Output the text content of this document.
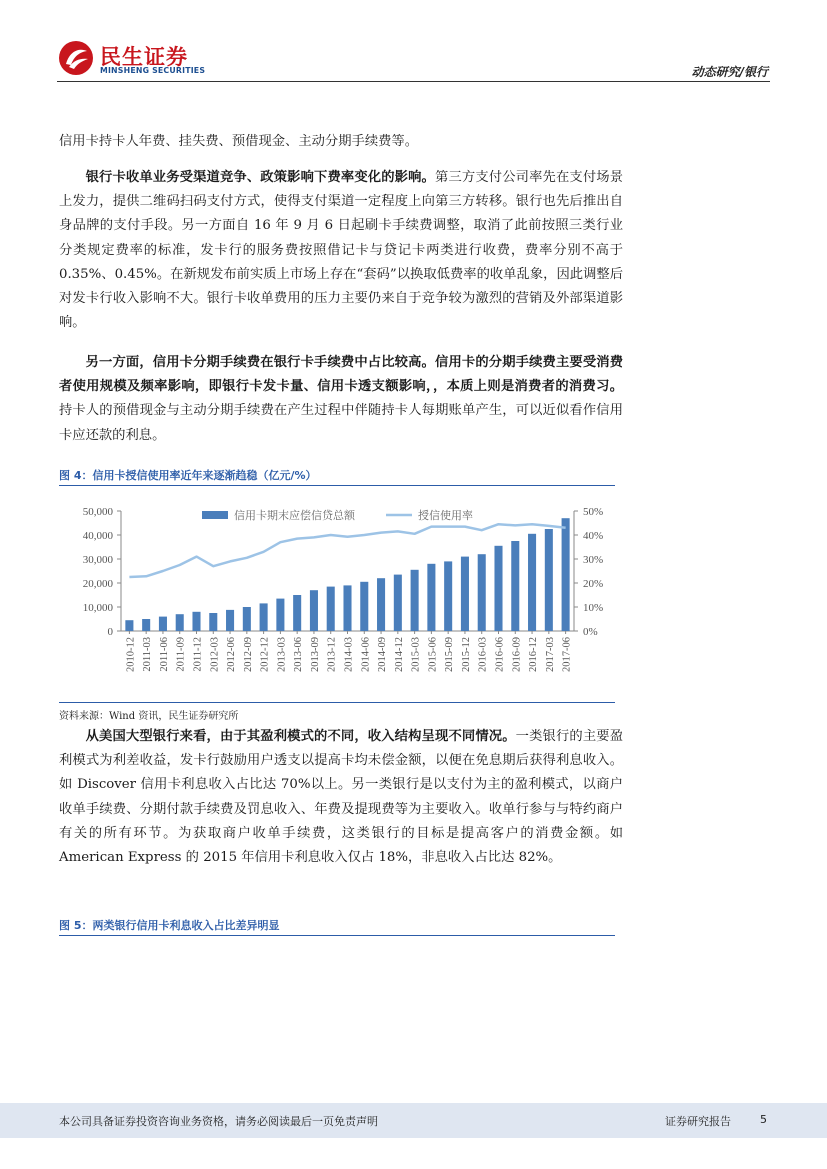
民生证券
MINSHENG SECURITIES	动态研究/银行
信用卡持卡人年费、挂失费、预借现金、主动分期手续费等。
银行卡收单业务受渠道竞争、政策影响下费率变化的影响。第三方支付公司率先在支付场景上发力，提供二维码扫码支付方式，使得支付渠道一定程度上向第三方转移。银行也先后推出自身品牌的支付手段。另一方面自 16 年 9 月 6 日起刷卡手续费调整，取消了此前按照三类行业分类规定费率的标准，发卡行的服务费按照借记卡与贷记卡两类进行收费，费率分别不高于 0.35%、0.45%。在新规发布前实质上市场上存在“套码”以换取低费率的收单乱象，因此调整后对发卡行收入影响不大。银行卡收单费用的压力主要仍来自于竞争较为激烈的营销及外部渠道影响。
另一方面，信用卡分期手续费在银行卡手续费中占比较高。信用卡的分期手续费主要受消费者使用规模及频率影响，即银行卡发卡量、信用卡透支额影响，，本质上则是消费者的消费习。持卡人的预借现金与主动分期手续费在产生过程中伴随持卡人每期账单产生，可以近似看作信用卡应还款的利息。
图 4：信用卡授信使用率近年来逐渐趋稳（亿元/%）
0
10,000
20,000
30,000
40,000
50,000
0%
10%
20%
30%
40%
50%
2010-12 2011-03 2011-06 2011-09 2011-12 2012-03 2012-06 2012-09 2012-12 2013-03 2013-06 2013-09 2013-12 2014-03 2014-06 2014-09 2014-12 2015-03 2015-06 2015-09 2015-12 2016-03 2016-06 2016-09 2016-12 2017-03 2017-06
信用卡期末应偿信贷总额	授信使用率
资料来源：Wind 资讯，民生证券研究所
从美国大型银行来看，由于其盈利模式的不同，收入结构呈现不同情况。一类银行的主要盈利模式为利差收益，发卡行鼓励用户透支以提高卡均未偿金额，以便在免息期后获得利息收入。如 Discover 信用卡利息收入占比达 70%以上。另一类银行是以支付为主的盈利模式，以商户收单手续费、分期付款手续费及罚息收入、年费及提现费等为主要收入。收单行参与与特约商户有关的所有环节。为获取商户收单手续费，这类银行的目标是提高客户的消费金额。如 American Express 的 2015 年信用卡利息收入仅占 18%，非息收入占比达 82%。
图 5：两类银行信用卡利息收入占比差异明显
本公司具备证券投资咨询业务资格，请务必阅读最后一页免责声明	证券研究报告	5
